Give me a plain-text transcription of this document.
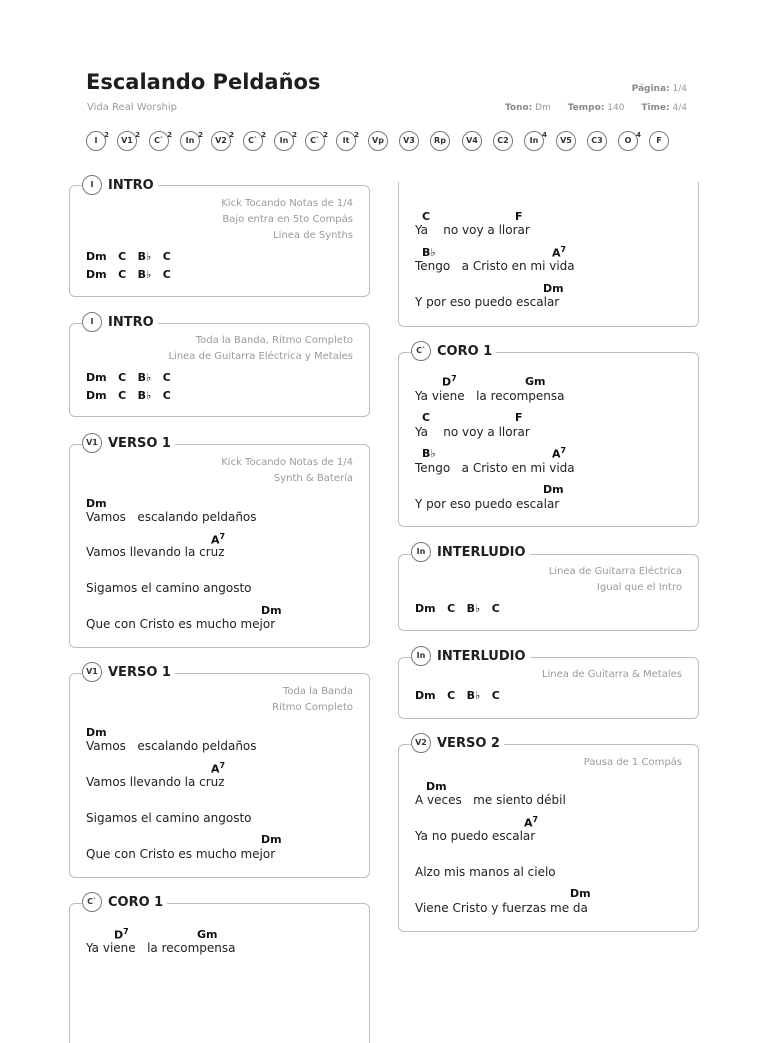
Escalando Peldaños
Vida Real Worship
Página: 1/4
Tono: Dm Tempo: 140 Time: 4/4
I
2
V1
2
C`
2
In
2
V2
2
C`
2
In
2
C`
2
It
2
Vp	V3	Rp	V4	C2	In
4
V5	C3	O
4
F
I	INTRO
Kick Tocando Notas de 1/4
Bajo entra en 5to Compás
Linea de Synths
Dm   C   B♭   C
Dm   C   B♭   C
I	INTRO
Toda la Banda, Ritmo Completo
Linea de Guitarra Eléctrica y Metales
Dm   C   B♭   C
Dm   C   B♭   C
V1 VERSO 1
Kick Tocando Notas de 1/4
Synth & Batería
Dm
Vamos   escalando peldaños
$A^7$
Vamos llevando la cruz
Sigamos el camino angosto
Dm
Que con Cristo es mucho mejor
V1 VERSO 1
Toda la Banda
Ritmo Completo
Dm
Vamos   escalando peldaños
$A^7$
Vamos llevando la cruz
Sigamos el camino angosto
Dm
Que con Cristo es mucho mejor
C` CORO 1
$D^7$	Gm
Ya viene   la recompensa
C	F
Ya    no voy a llorar
B♭	$A^7$
Tengo   a Cristo en mi vida
Dm
Y por eso puedo escalar
C` CORO 1
$D^7$	Gm
Ya viene   la recompensa
C	F
Ya    no voy a llorar
B♭	$A^7$
Tengo   a Cristo en mi vida
Dm
Y por eso puedo escalar
In INTERLUDIO
Linea de Guitarra Eléctrica
Igual que el Intro
Dm   C   B♭   C
In INTERLUDIO
Linea de Guitarra & Metales
Dm   C   B♭   C
V2 VERSO 2
Pausa de 1 Compás
Dm
A veces   me siento débil
$A^7$
Ya no puedo escalar
Alzo mis manos al cielo
Dm
Viene Cristo y fuerzas me da
